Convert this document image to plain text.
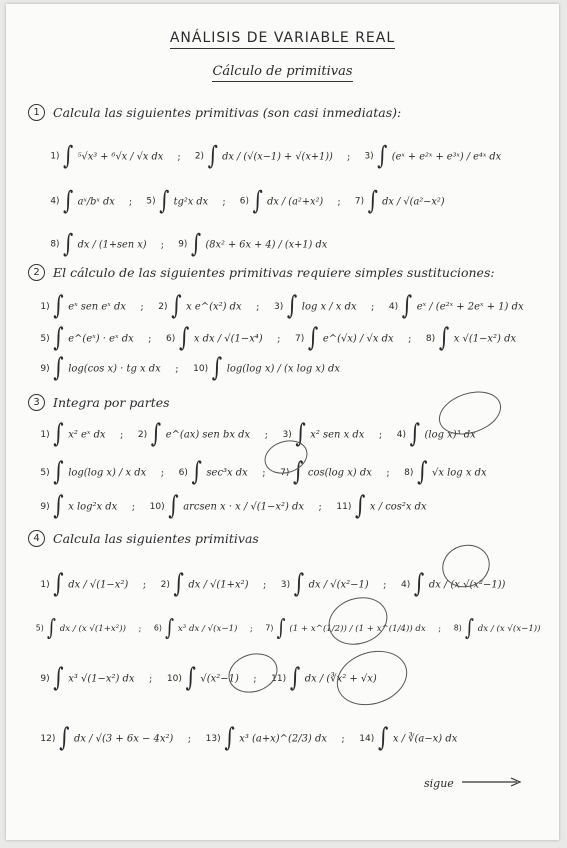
ANÁLISIS DE VARIABLE REAL
Cálculo de primitivas
1	Calcula las siguientes primitivas (son casi inmediatas):
1) ∫ ⁵√x³ + ⁶√x / √x dx ; 2) ∫ dx / (√(x−1) + √(x+1)) ; 3) ∫ (eˣ + e²ˣ + e³ˣ) / e⁴ˣ dx
4) ∫ aˣ/bˣ dx ; 5) ∫ tg²x dx ; 6) ∫ dx / (a²+x²) ; 7) ∫ dx / √(a²−x²)
8) ∫ dx / (1+sen x) ; 9) ∫ (8x² + 6x + 4) / (x+1) dx
2	El cálculo de las siguientes primitivas requiere simples sustituciones:
1) ∫ eˣ sen eˣ dx ; 2) ∫ x e^(x²) dx ; 3) ∫ log x / x dx ; 4) ∫ eˣ / (e²ˣ + 2eˣ + 1) dx
5) ∫ e^(eˣ) · eˣ dx ; 6) ∫ x dx / √(1−x⁴) ; 7) ∫ e^(√x) / √x dx ; 8) ∫ x √(1−x²) dx
9) ∫ log(cos x) · tg x dx ; 10) ∫ log(log x) / (x log x) dx
3	Integra por partes
1) ∫ x² eˣ dx ; 2) ∫ e^(ax) sen bx dx ; 3) ∫ x² sen x dx ; 4) ∫ (log x)³ dx
5) ∫ log(log x) / x dx ; 6) ∫ sec³x dx ; 7) ∫ cos(log x) dx ; 8) ∫ √x log x dx
9) ∫ x log²x dx ; 10) ∫ arcsen x · x / √(1−x²) dx ; 11) ∫ x / cos²x dx
4	Calcula las siguientes primitivas
1) ∫ dx / √(1−x²) ; 2) ∫ dx / √(1+x²) ; 3) ∫ dx / √(x²−1) ; 4) ∫ dx / (x √(x²−1))
5) ∫ dx / (x √(1+x²)) ; 6) ∫ x³ dx / √(x−1) ; 7) ∫ (1 + x^(1/2)) / (1 + x^(1/4)) dx ; 8) ∫ dx / (x √(x−1))
9) ∫ x³ √(1−x²) dx ; 10) ∫ √(x²−1) ; 11) ∫ dx / (∛x² + √x)
12) ∫ dx / √(3 + 6x − 4x²) ; 13) ∫ x³ (a+x)^(2/3) dx ; 14) ∫ x / ∛(a−x) dx
sigue
